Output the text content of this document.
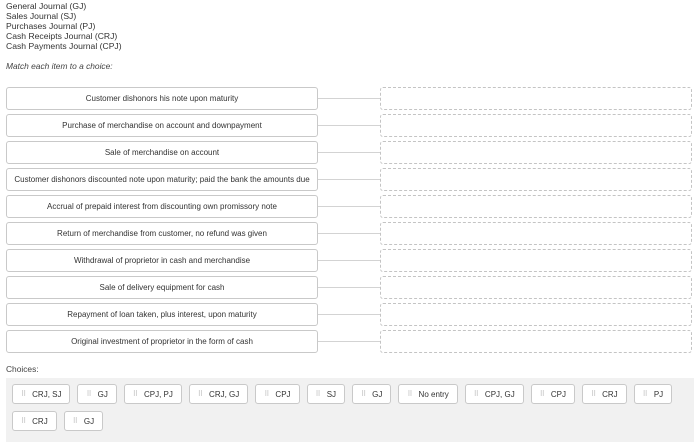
General Journal (GJ)
Sales Journal (SJ)
Purchases Journal (PJ)
Cash Receipts Journal (CRJ)
Cash Payments Journal (CPJ)
Match each item to a choice:
Customer dishonors his note upon maturity
Purchase of merchandise on account and downpayment
Sale of merchandise on account
Customer dishonors discounted note upon maturity; paid the bank the amounts due
Accrual of prepaid interest from discounting own promissory note
Return of merchandise from customer, no refund was given
Withdrawal of proprietor in cash and merchandise
Sale of delivery equipment for cash
Repayment of loan taken, plus interest, upon maturity
Original investment of proprietor in the form of cash
Choices:
⠿ CRJ, SJ	⠿ GJ	⠿ CPJ, PJ	⠿ CRJ, GJ	⠿ CPJ	⠿ SJ	⠿ GJ	⠿ No entry	⠿ CPJ, GJ	⠿ CPJ	⠿ CRJ	⠿ PJ
⠿ CRJ	⠿ GJ
